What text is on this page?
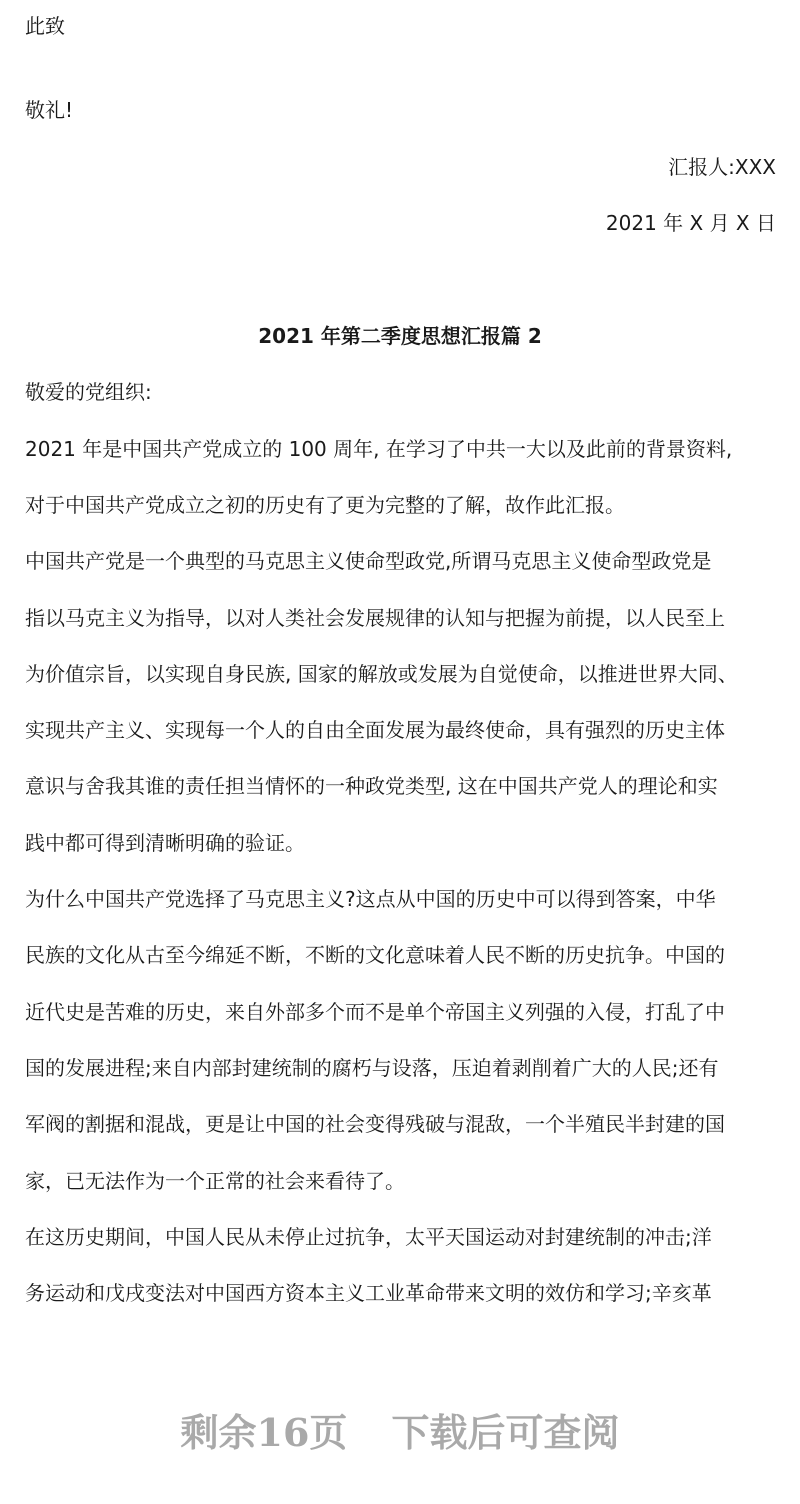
此致
敬礼!
汇报人:XXX
2021 年 X 月 X 日
2021 年第二季度思想汇报篇 2
敬爱的党组织:
2021 年是中国共产党成立的 100 周年, 在学习了中共一大以及此前的背景资料,
对于中国共产党成立之初的历史有了更为完整的了解，故作此汇报。
中国共产党是一个典型的马克思主义使命型政党,所谓马克思主义使命型政党是
指以马克主义为指导，以对人类社会发展规律的认知与把握为前提，以人民至上
为价值宗旨，以实现自身民族, 国家的解放或发展为自觉使命，以推进世界大同、
实现共产主义、实现每一个人的自由全面发展为最终使命，具有强烈的历史主体
意识与舍我其谁的责任担当情怀的一种政党类型, 这在中国共产党人的理论和实
践中都可得到清晰明确的验证。
为什么中国共产党选择了马克思主义?这点从中国的历史中可以得到答案，中华
民族的文化从古至今绵延不断，不断的文化意味着人民不断的历史抗争。中国的
近代史是苦难的历史，来自外部多个而不是单个帝国主义列强的入侵，打乱了中
国的发展进程;来自内部封建统制的腐朽与设落，压迫着剥削着广大的人民;还有
军阀的割据和混战，更是让中国的社会变得残破与混敌，一个半殖民半封建的国
家，已无法作为一个正常的社会来看待了。
在这历史期间，中国人民从未停止过抗争，太平天国运动对封建统制的冲击;洋
务运动和戊戌变法对中国西方资本主义工业革命带来文明的效仿和学习;辛亥革
剩余16页 下载后可查阅
